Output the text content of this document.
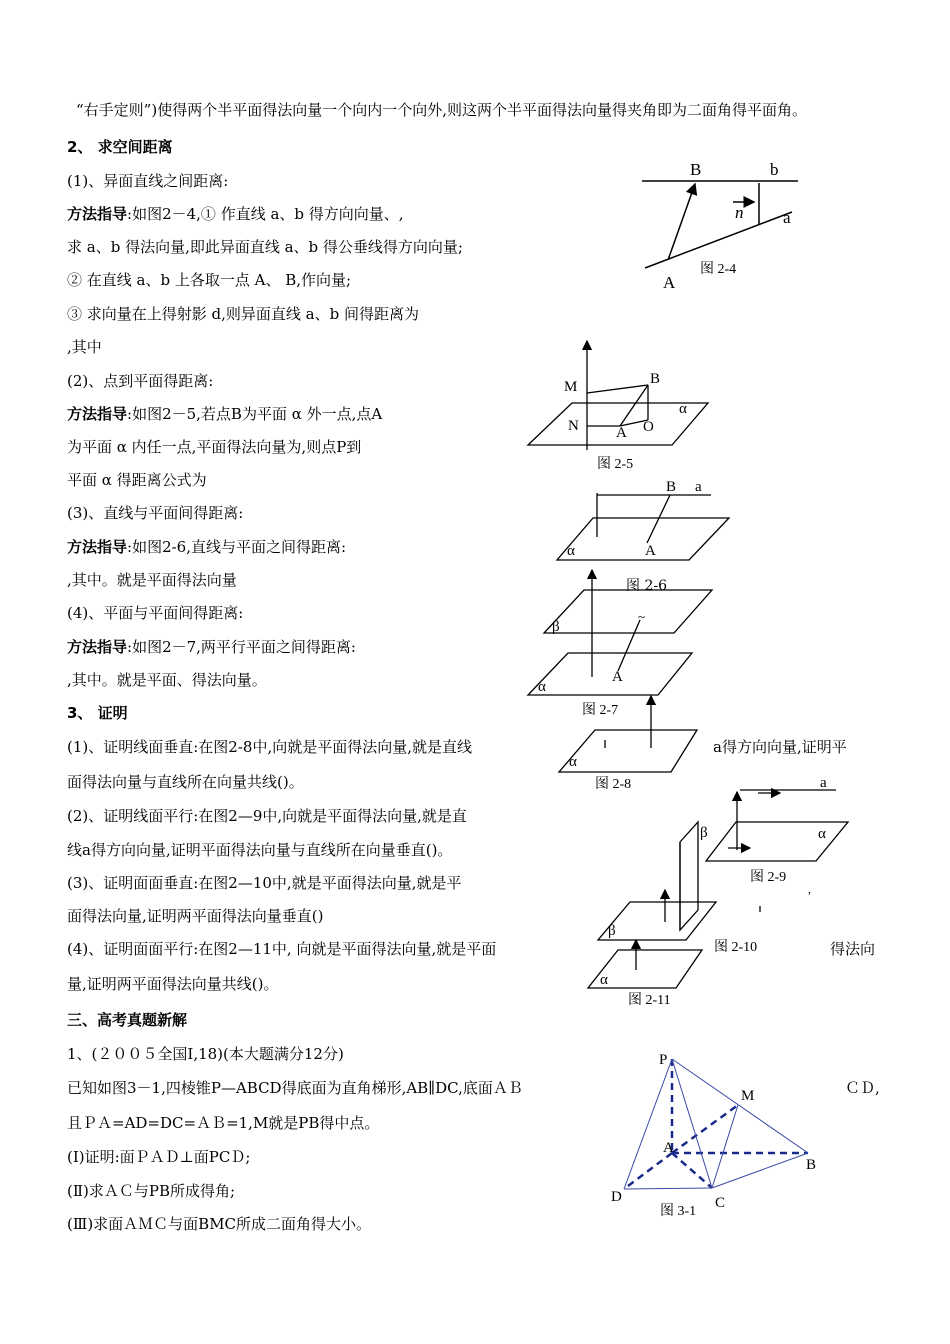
“右手定则”)使得两个半平面得法向量一个向内一个向外,则这两个半平面得法向量得夹角即为二面角得平面角。
2、 求空间距离
(1)、异面直线之间距离:
方法指导:如图2－4,① 作直线 a、b 得方向向量、,
求 a、b 得法向量,即此异面直线 a、b 得公垂线得方向向量;
② 在直线 a、b 上各取一点 A、 B,作向量;
③ 求向量在上得射影 d,则异面直线 a、b 间得距离为
,其中
(2)、点到平面得距离:
方法指导:如图2－5,若点B为平面 α 外一点,点A
为平面 α 内任一点,平面得法向量为,则点P到
平面 α 得距离公式为
(3)、直线与平面间得距离:
方法指导:如图2-6,直线与平面之间得距离:
,其中。就是平面得法向量
(4)、平面与平面间得距离:
方法指导:如图2－7,两平行平面之间得距离:
,其中。就是平面、得法向量。
3、 证明
(1)、证明线面垂直:在图2-8中,向就是平面得法向量,就是直线	a得方向向量,证明平
面得法向量与直线所在向量共线()。
(2)、证明线面平行:在图2—9中,向就是平面得法向量,就是直
线a得方向向量,证明平面得法向量与直线所在向量垂直()。
(3)、证明面面垂直:在图2—10中,就是平面得法向量,就是平
面得法向量,证明两平面得法向量垂直()
(4)、证明面面平行:在图2—11中, 向就是平面得法向量,就是平面	得法向
量,证明两平面得法向量共线()。
三、高考真题新解
1、(２００５全国Ⅰ,18)(本大题满分12分)
已知如图3－1,四棱锥P—ABCD得底面为直角梯形,AB∥DC,底面ＡＢ	ＣＤ,
且ＰＡ=AD=DC=ＡＢ=1,M就是PB得中点。
(Ⅰ)证明:面ＰＡＤ⊥面PCＤ;
(Ⅱ)求ＡＣ与PB所成得角;
(Ⅲ)求面ＡＭＣ与面BMC所成二面角得大小。
B	b
n a
A
图 2-4
M	B
α
N A O
图 2-5
B a
α	A
图 2-6
~
β
α
A
图 2-7
α
图 2-8	a
α
图 2-9
β
β
图 2-10
,
α
图 2-11
P
M
A
B
D	C
图 3-1
